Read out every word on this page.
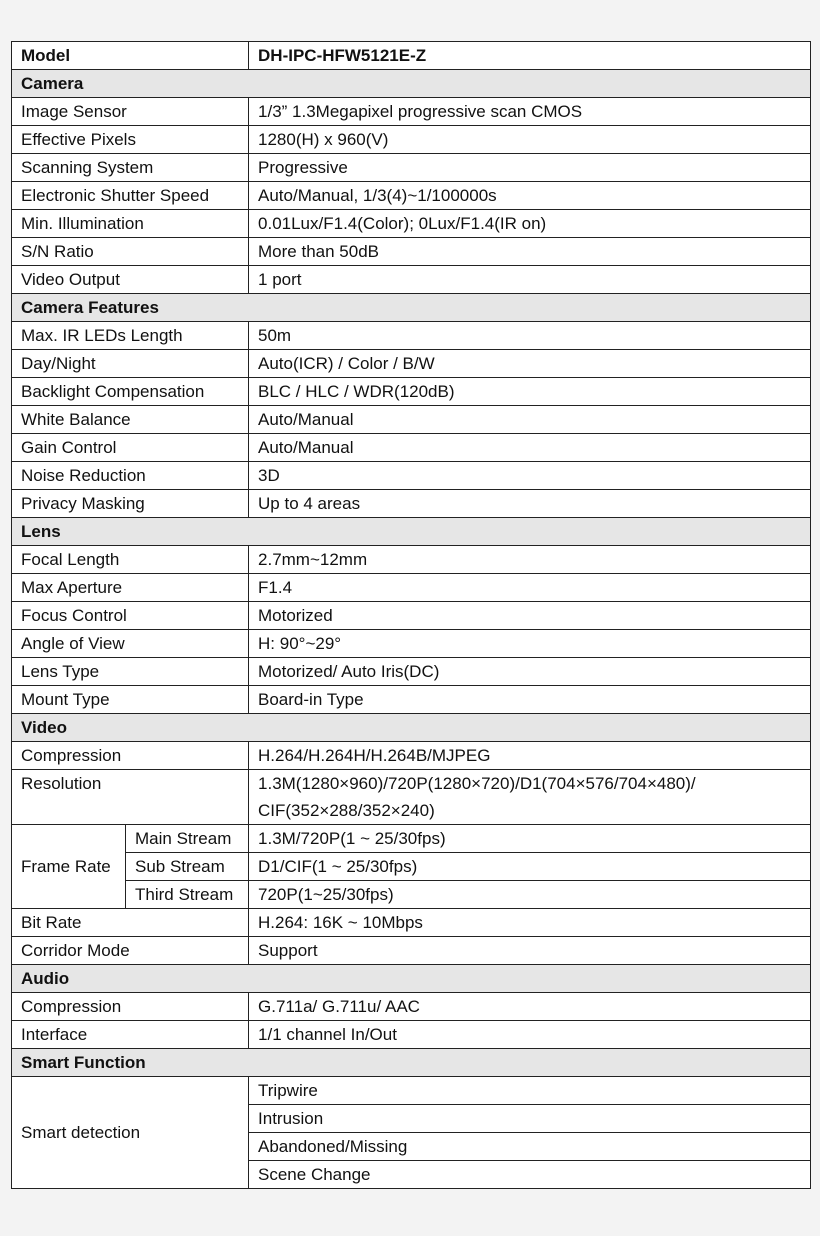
Model		DH-IPC-HFW5121E-Z
Camera		
Image Sensor		1/3” 1.3Megapixel progressive scan CMOS
Effective Pixels		1280(H) x 960(V)
Scanning System		Progressive
Electronic Shutter Speed		Auto/Manual, 1/3(4)~1/100000s
Min. Illumination		0.01Lux/F1.4(Color); 0Lux/F1.4(IR on)
S/N Ratio		More than 50dB
Video Output		1 port
Camera Features		
Max. IR LEDs Length		50m
Day/Night		Auto(ICR) / Color / B/W
Backlight Compensation		BLC / HLC / WDR(120dB)
White Balance		Auto/Manual
Gain Control		Auto/Manual
Noise Reduction		3D
Privacy Masking		Up to 4 areas
Lens		
Focal Length		2.7mm~12mm
Max Aperture		F1.4
Focus Control		Motorized
Angle of View		H: 90°~29°
Lens Type		Motorized/ Auto Iris(DC)
Mount Type		Board-in Type
Video		
Compression		H.264/H.264H/H.264B/MJPEG
Resolution		1.3M(1280×960)/720P(1280×720)/D1(704×576/704×480)/
		CIF(352×288/352×240)
Frame Rate	Main Stream	1.3M/720P(1 ~ 25/30fps)
	Sub Stream	D1/CIF(1 ~ 25/30fps)
	Third Stream	720P(1~25/30fps)
Bit Rate		H.264: 16K ~ 10Mbps
Corridor Mode		Support
Audio		
Compression		G.711a/ G.711u/ AAC
Interface		1/1 channel In/Out
Smart Function		
Smart detection		Tripwire
		Intrusion
		Abandoned/Missing
		Scene Change
